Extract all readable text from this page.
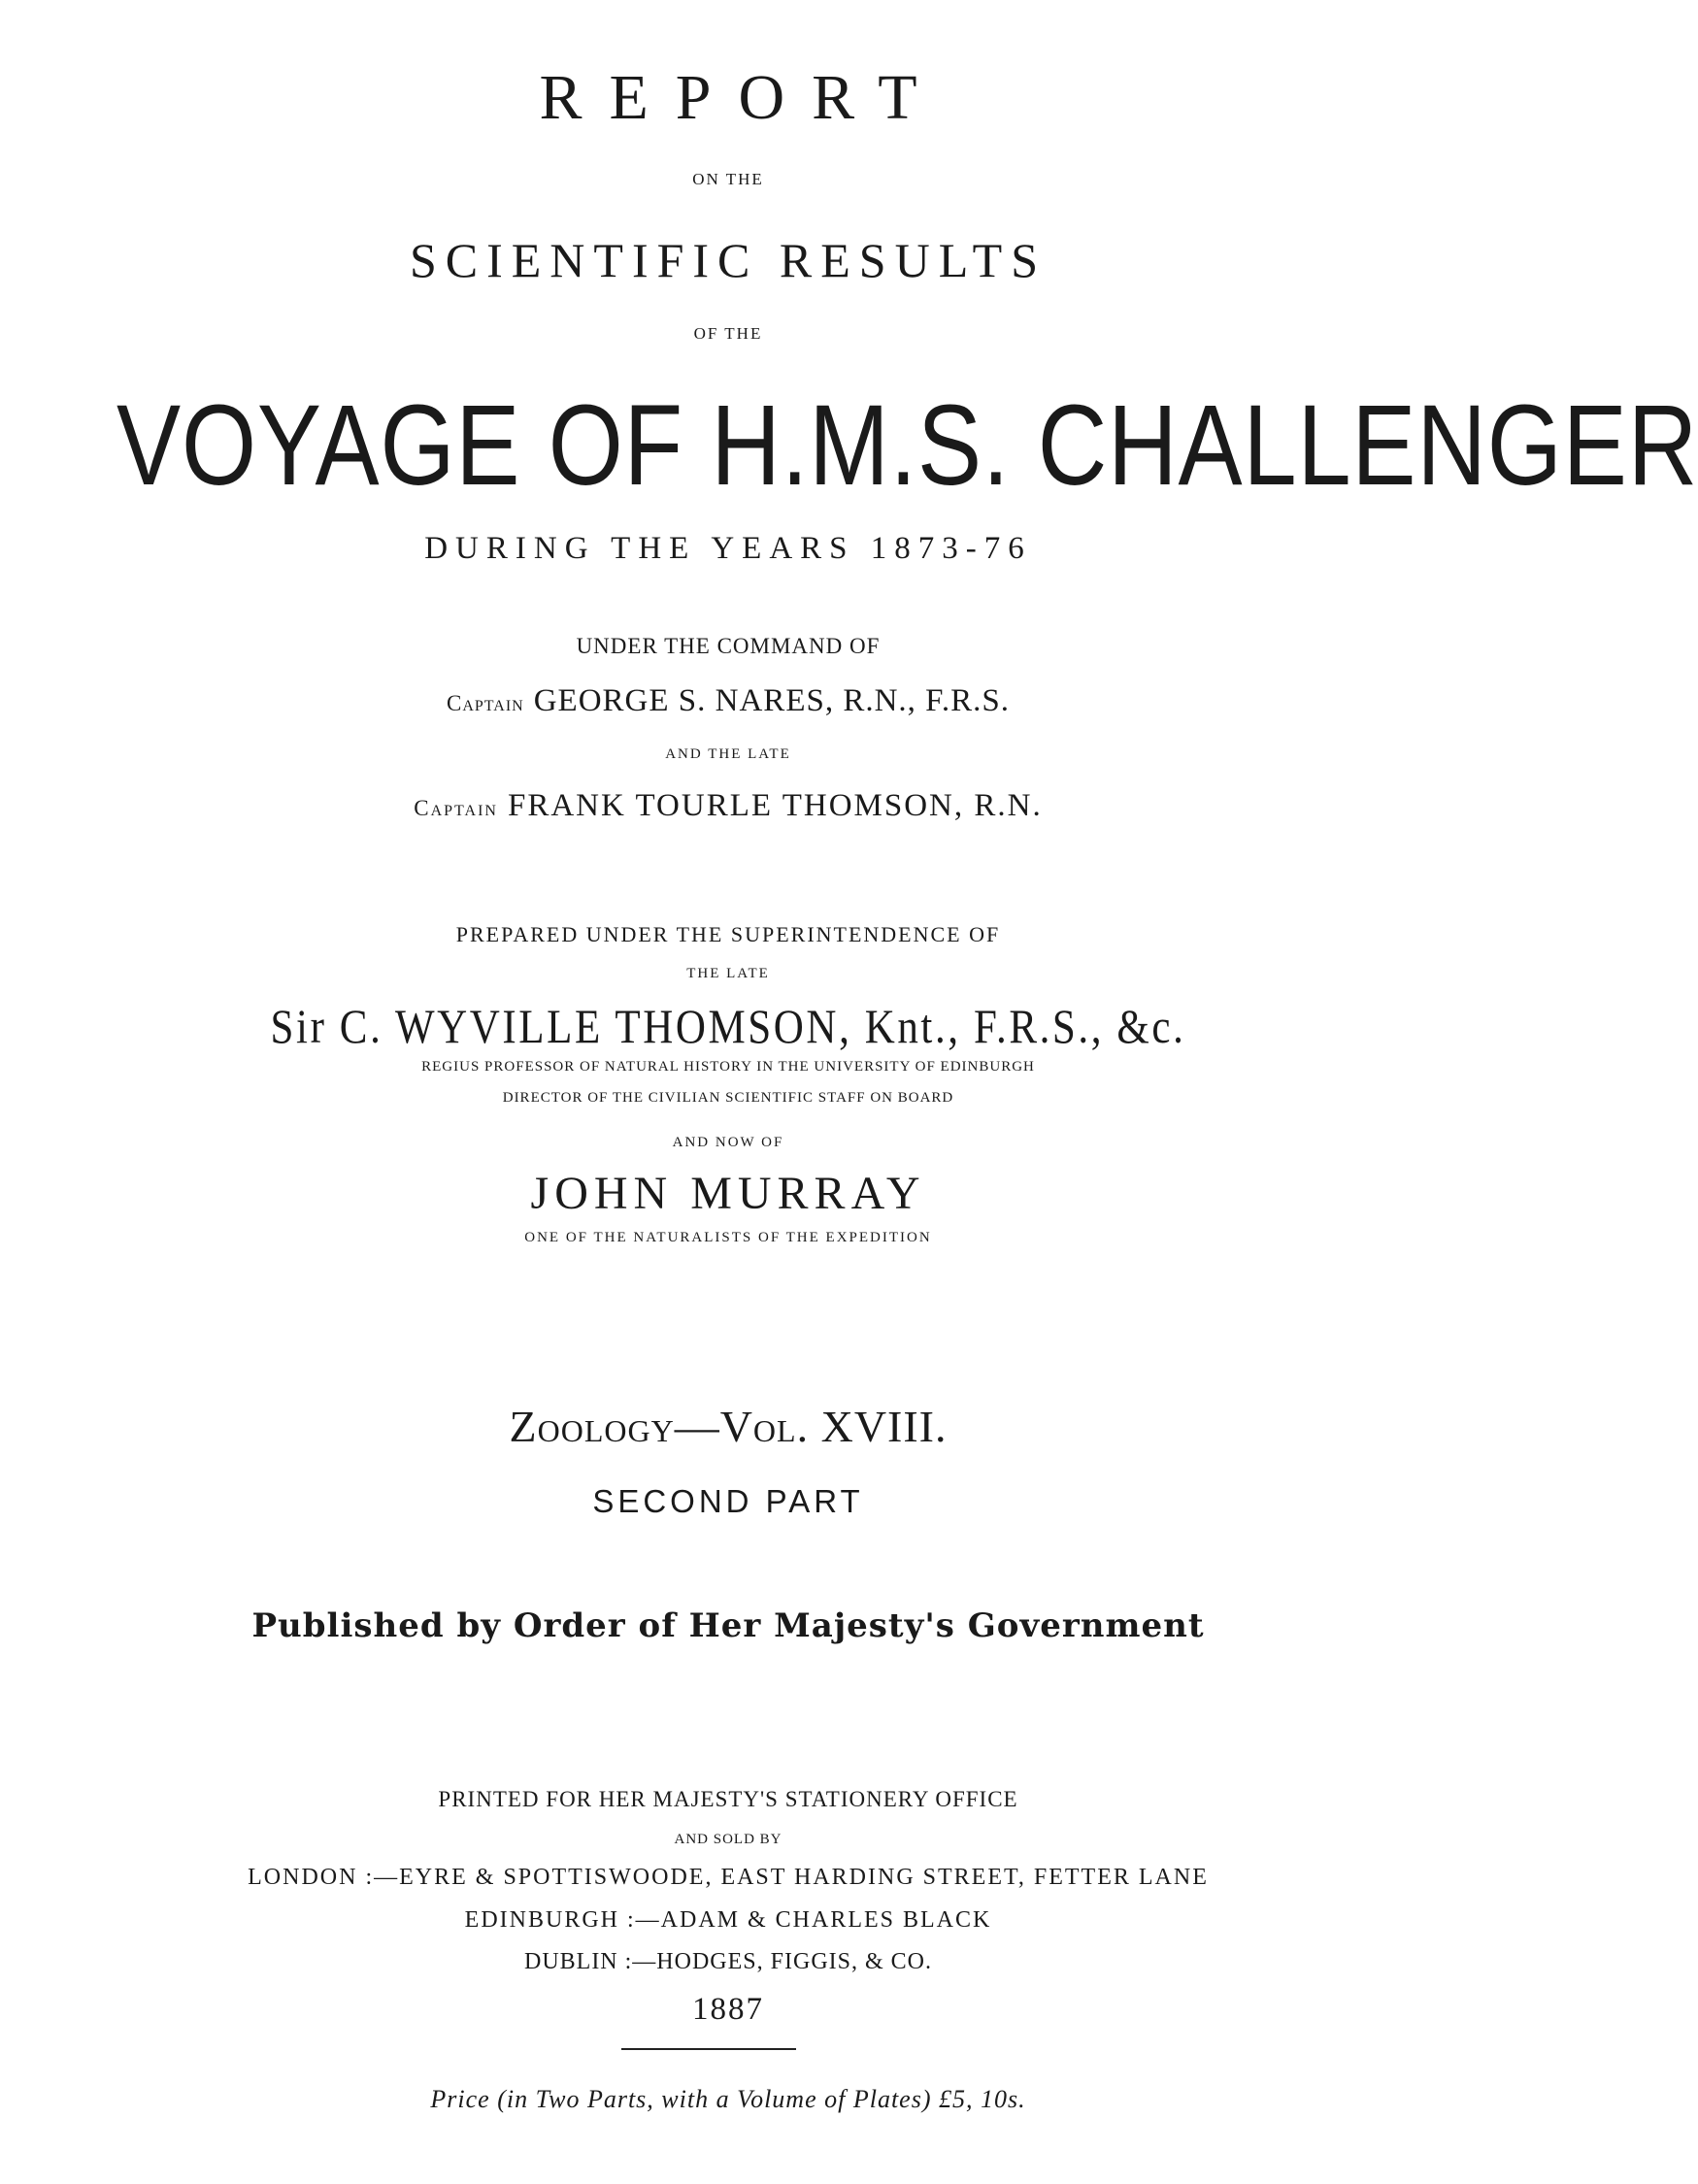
REPORT
ON THE
SCIENTIFIC RESULTS
OF THE
VOYAGE OF H.M.S. CHALLENGER
DURING THE YEARS 1873-76
UNDER THE COMMAND OF
Captain GEORGE S. NARES, R.N., F.R.S.
AND THE LATE
Captain FRANK TOURLE THOMSON, R.N.
PREPARED UNDER THE SUPERINTENDENCE OF
THE LATE
Sir C. WYVILLE THOMSON, Knt., F.R.S., &c.
REGIUS PROFESSOR OF NATURAL HISTORY IN THE UNIVERSITY OF EDINBURGH
DIRECTOR OF THE CIVILIAN SCIENTIFIC STAFF ON BOARD
AND NOW OF
JOHN MURRAY
ONE OF THE NATURALISTS OF THE EXPEDITION
Zoology—Vol. XVIII.
SECOND PART
Published by Order of Her Majesty's Government
PRINTED FOR HER MAJESTY'S STATIONERY OFFICE
AND SOLD BY
LONDON :—EYRE & SPOTTISWOODE, EAST HARDING STREET, FETTER LANE
EDINBURGH :—ADAM & CHARLES BLACK
DUBLIN :—HODGES, FIGGIS, & CO.
1887
Price (in Two Parts, with a Volume of Plates) £5, 10s.
